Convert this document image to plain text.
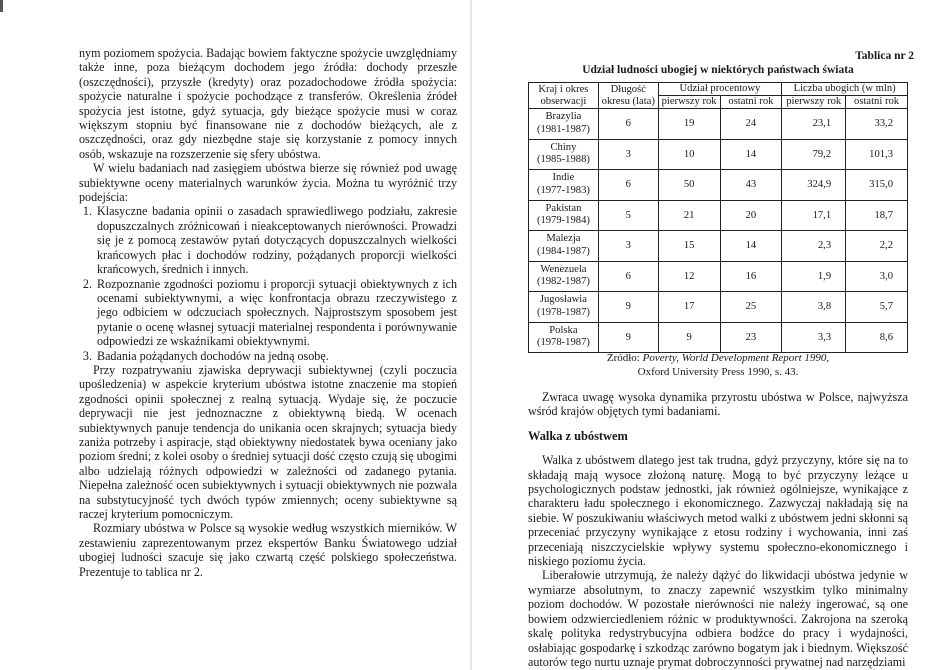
nym poziomem spożycia. Badając bowiem faktyczne spożycie uwzględniamy także inne, poza bieżącym dochodem jego źródła: dochody przeszłe (oszczędności), przyszłe (kredyty) oraz pozadochodowe źródła spożycia: spożycie naturalne i spożycie pochodzące z transferów. Określenia źródeł spożycia jest istotne, gdyż sytuacja, gdy bieżące spożycie musi w coraz większym stopniu być finansowane nie z dochodów bieżących, ale z oszczędności, oraz gdy niezbędne staje się korzystanie z pomocy innych osób, wskazuje na rozszerzenie się sfery ubóstwa.

W wielu badaniach nad zasięgiem ubóstwa bierze się również pod uwagę subiektywne oceny materialnych warunków życia. Można tu wyróżnić trzy podejścia:

1. Klasyczne badania opinii o zasadach sprawiedliwego podziału, zakresie dopuszczalnych zróżnicowań i nieakceptowanych nierówności. Prowadzi się je z pomocą zestawów pytań dotyczących dopuszczalnych wielkości krańcowych płac i dochodów rodziny, pożądanych proporcji wielkości krańcowych, średnich i innych.
2. Rozpoznanie zgodności poziomu i proporcji sytuacji obiektywnych z ich ocenami subiektywnymi, a więc konfrontacja obrazu rzeczywistego z jego odbiciem w odczuciach społecznych. Najprostszym sposobem jest pytanie o ocenę własnej sytuacji materialnej respondenta i porównywanie odpowiedzi ze wskaźnikami obiektywnymi.
3. Badania pożądanych dochodów na jedną osobę.

Przy rozpatrywaniu zjawiska deprywacji subiektywnej (czyli poczucia upośledzenia) w aspekcie kryterium ubóstwa istotne znaczenie ma stopień zgodności opinii społecznej z realną sytuacją. Wydaje się, że poczucie deprywacji nie jest jednoznaczne z obiektywną biedą. W ocenach subiektywnych panuje tendencja do unikania ocen skrajnych; sytuacja biedy zaniża potrzeby i aspiracje, stąd obiektywny niedostatek bywa oceniany jako poziom średni; z kolei osoby o średniej sytuacji dość często czują się ubogimi albo udzielają różnych odpowiedzi w zależności od zadanego pytania. Niepełna zależność ocen subiektywnych i sytuacji obiektywnych nie pozwala na substytucyjność tych dwóch typów zmiennych; oceny subiektywne są raczej kryterium pomocniczym.

Rozmiary ubóstwa w Polsce są wysokie według wszystkich mierników. W zestawieniu zaprezentowanym przez ekspertów Banku Światowego udział ubogiej ludności szacuje się jako czwartą część polskiego społeczeństwa. Prezentuje to tablica nr 2.

Tablica nr 2
Udział ludności ubogiej w niektórych państwach świata
Kraj i okres obserwacji	Długość okresu (lata)	Udział procentowy		Liczba ubogich (w mln)	
		pierwszy rok	ostatni rok	pierwszy rok	ostatni rok
Brazylia
(1981-1987)	6	19	24	23,1	33,2
Chiny
(1985-1988)	3	10	14	79,2	101,3
Indie
(1977-1983)	6	50	43	324,9	315,0
Pakistan
(1979-1984)	5	21	20	17,1	18,7
Malezja
(1984-1987)	3	15	14	2,3	2,2
Wenezuela
(1982-1987)	6	12	16	1,9	3,0
Jugosławia
(1978-1987)	9	17	25	3,8	5,7
Polska
(1978-1987)	9	9	23	3,3	8,6
Źródło: Poverty, World Development Report 1990,
Oxford University Press 1990, s. 43.

Zwraca uwagę wysoka dynamika przyrostu ubóstwa w Polsce, najwyższa wśród krajów objętych tymi badaniami.

Walka z ubóstwem

Walka z ubóstwem dlatego jest tak trudna, gdyż przyczyny, które się na to składają mają wysocе złożoną naturę. Mogą to być przyczyny leżące u psychologicznych podstaw jednostki, jak również ogólniejsze, wynikające z charakteru ładu społecznego i ekonomicznego. Zazwyczaj nakładają się na siebie. W poszukiwaniu właściwych metod walki z ubóstwem jedni skłonni są przeceniać przyczyny wynikające z etosu rodziny i wychowania, inni zaś przeceniają niszczycielskie wpływy systemu społeczno-ekonomicznego i niskiego poziomu życia.

Liberałowie utrzymują, że należy dążyć do likwidacji ubóstwa jedynie w wymiarze absolutnym, to znaczy zapewnić wszystkim tylko minimalny poziom dochodów. W pozostałe nierówności nie należy ingerować, są one bowiem odzwierciedleniem różnic w produktywności. Zakrojona na szeroką skalę polityka redystrybucyjna odbiera bodźce do pracy i wydajności, osłabiając gospodarkę i szkodząc zarówno bogatym jak i biednym. Większość autorów tego nurtu uznaje prymat dobroczynności prywatnej nad narzędziami
